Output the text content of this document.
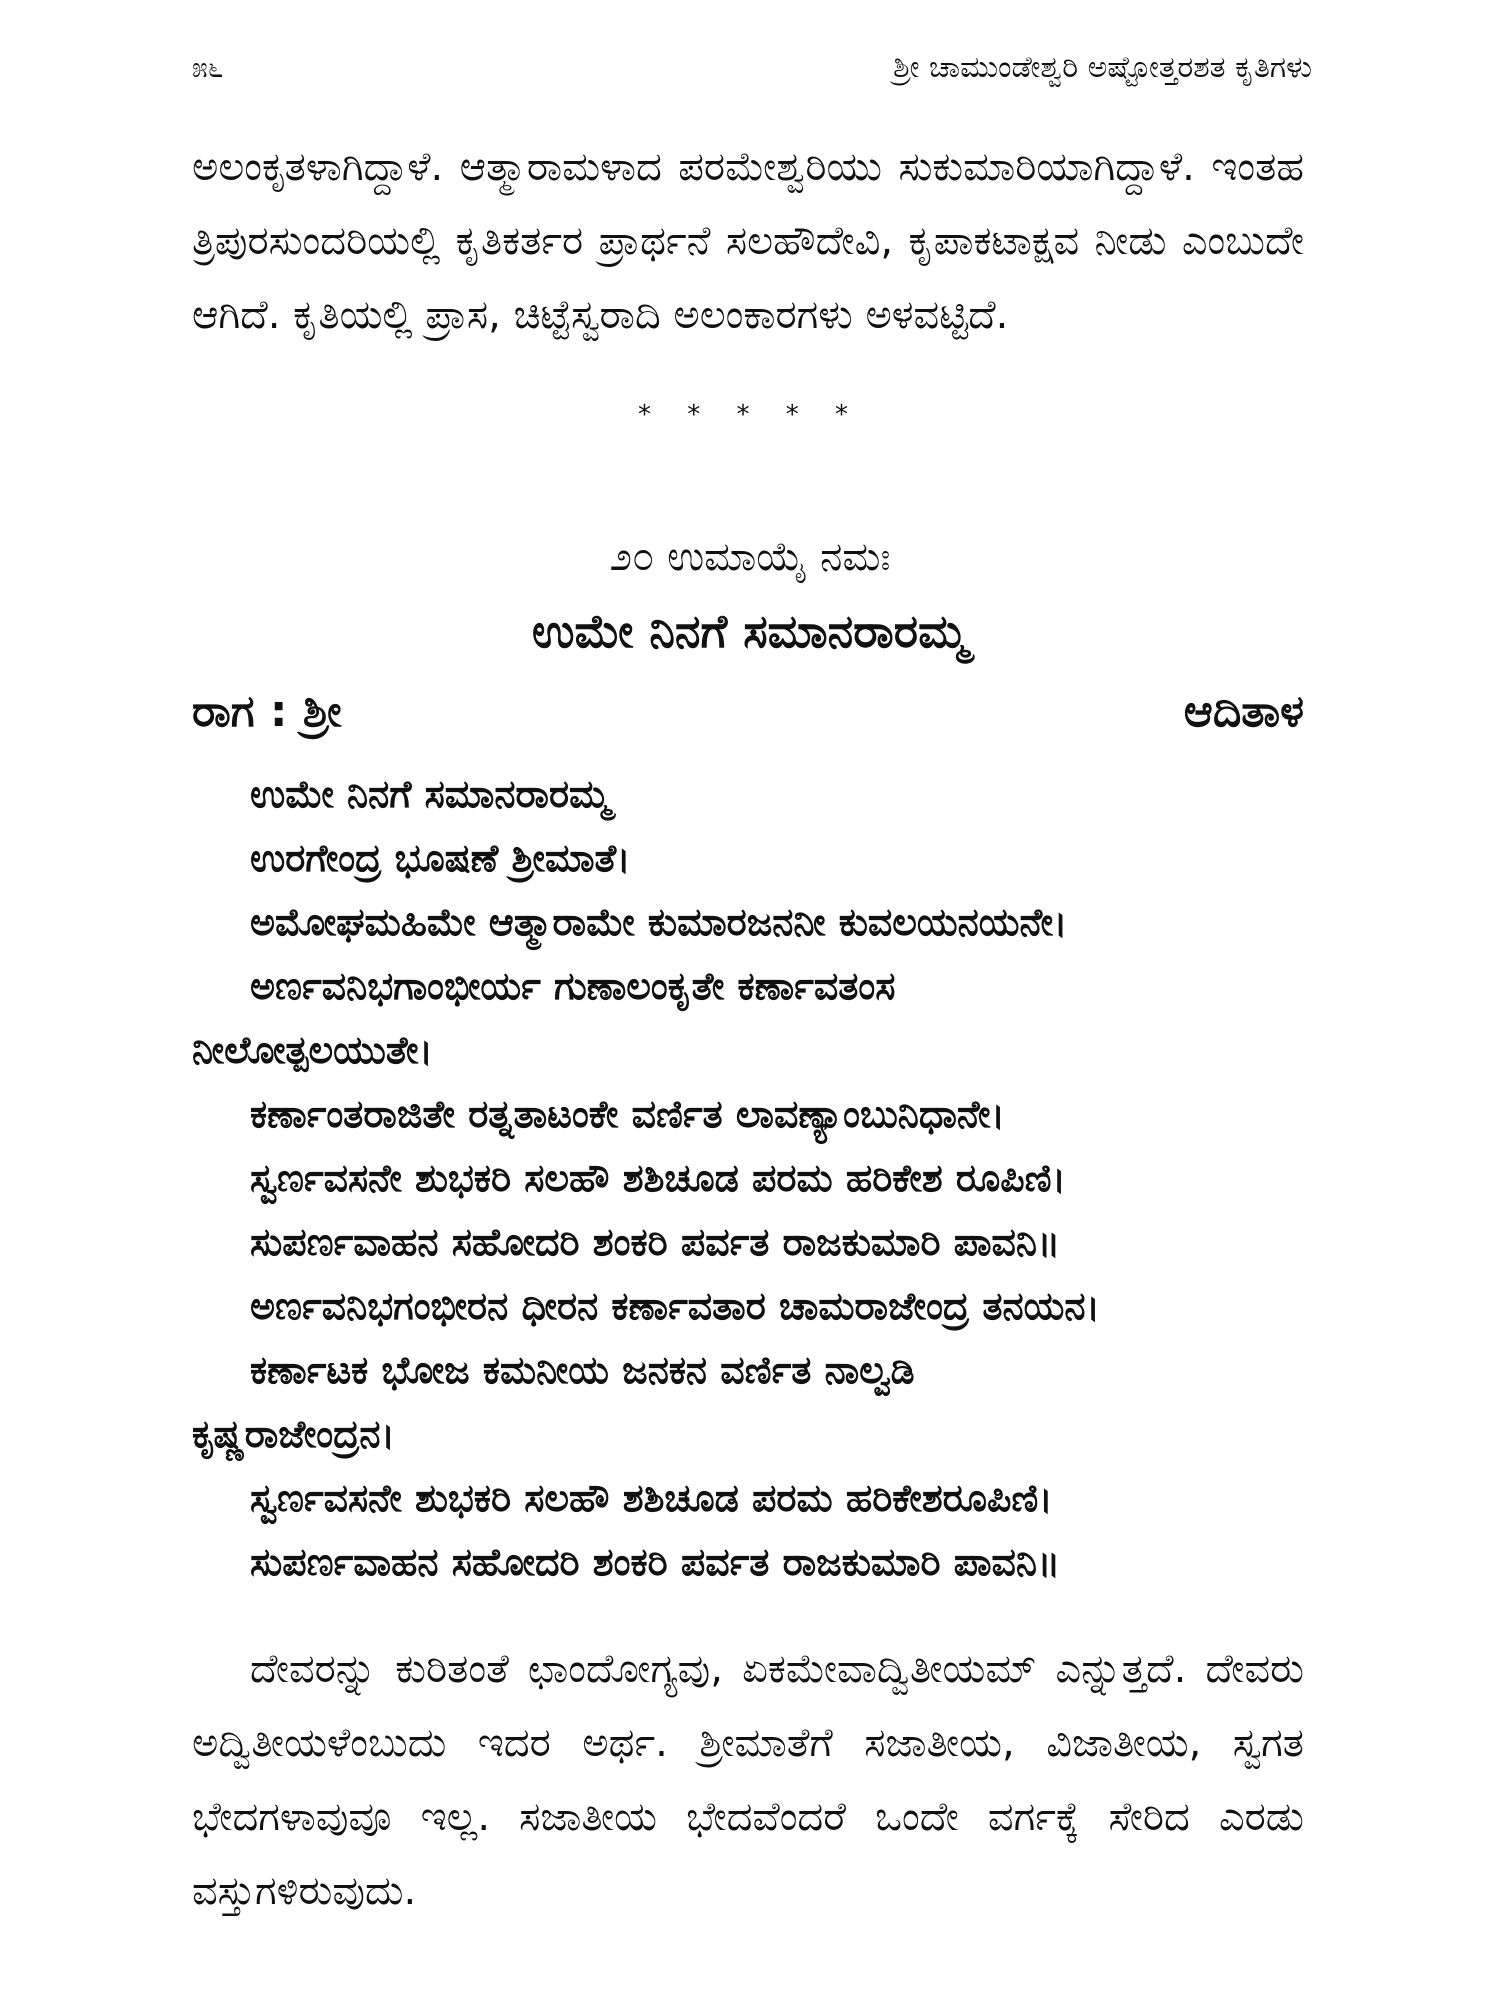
೫೬	ಶ್ರೀ ಚಾಮುಂಡೇಶ್ವರಿ ಅಷ್ಟೋತ್ತರಶತ ಕೃತಿಗಳು

ಅಲಂಕೃತಳಾಗಿದ್ದಾಳೆ. ಆತ್ಮಾರಾಮಳಾದ ಪರಮೇಶ್ವರಿಯು ಸುಕುಮಾರಿಯಾಗಿದ್ದಾಳೆ. ಇಂತಹ ತ್ರಿಪುರಸುಂದರಿಯಲ್ಲಿ ಕೃತಿಕರ್ತರ ಪ್ರಾರ್ಥನೆ ಸಲಹೌದೇವಿ, ಕೃಪಾಕಟಾಕ್ಷವ ನೀಡು ಎಂಬುದೇ ಆಗಿದೆ. ಕೃತಿಯಲ್ಲಿ ಪ್ರಾಸ, ಚಿಟ್ಟೆಸ್ವರಾದಿ ಅಲಂಕಾರಗಳು ಅಳವಟ್ಟಿದೆ.

* * * * *
೨೦ ಉಮಾಯೈ ನಮಃ
ಉಮೇ ನಿನಗೆ ಸಮಾನರಾರಮ್ಮ
ರಾಗ : ಶ್ರೀ	ಆದಿತಾಳ
ಉಮೇ ನಿನಗೆ ಸಮಾನರಾರಮ್ಮ
ಉರಗೇಂದ್ರ ಭೂಷಣೆ ಶ್ರೀಮಾತೆ।
ಅಮೋಘಮಹಿಮೇ ಆತ್ಮಾರಾಮೇ ಕುಮಾರಜನನೀ ಕುವಲಯನಯನೇ।
ಅರ್ಣವನಿಭಗಾಂಭೀರ್ಯ ಗುಣಾಲಂಕೃತೇ ಕರ್ಣಾವತಂಸ
ನೀಲೋತ್ಪಲಯುತೇ।
ಕರ್ಣಾಂತರಾಜಿತೇ ರತ್ನತಾಟಂಕೇ ವರ್ಣಿತ ಲಾವಣ್ಯಾಂಬುನಿಧಾನೇ।
ಸ್ವರ್ಣವಸನೇ ಶುಭಕರಿ ಸಲಹೌ ಶಶಿಚೂಡ ಪರಮ ಹರಿಕೇಶ ರೂಪಿಣಿ।
ಸುಪರ್ಣವಾಹನ ಸಹೋದರಿ ಶಂಕರಿ ಪರ್ವತ ರಾಜಕುಮಾರಿ ಪಾವನಿ॥
ಅರ್ಣವನಿಭಗಂಭೀರನ ಧೀರನ ಕರ್ಣಾವತಾರ ಚಾಮರಾಜೇಂದ್ರ ತನಯನ।
ಕರ್ಣಾಟಕ ಭೋಜ ಕಮನೀಯ ಜನಕನ ವರ್ಣಿತ ನಾಲ್ವಡಿ
ಕೃಷ್ಣರಾಜೇಂದ್ರನ।
ಸ್ವರ್ಣವಸನೇ ಶುಭಕರಿ ಸಲಹೌ ಶಶಿಚೂಡ ಪರಮ ಹರಿಕೇಶರೂಪಿಣಿ।
ಸುಪರ್ಣವಾಹನ ಸಹೋದರಿ ಶಂಕರಿ ಪರ್ವತ ರಾಜಕುಮಾರಿ ಪಾವನಿ॥

ದೇವರನ್ನು ಕುರಿತಂತೆ ಛಾಂದೋಗ್ಯವು, ಏಕಮೇವಾದ್ವಿತೀಯಮ್ ಎನ್ನುತ್ತದೆ. ದೇವರು ಅದ್ವಿತೀಯಳೆಂಬುದು ಇದರ ಅರ್ಥ. ಶ್ರೀಮಾತೆಗೆ ಸಜಾತೀಯ, ವಿಜಾತೀಯ, ಸ್ವಗತ ಭೇದಗಳಾವುವೂ ಇಲ್ಲ. ಸಜಾತೀಯ ಭೇದವೆಂದರೆ ಒಂದೇ ವರ್ಗಕ್ಕೆ ಸೇರಿದ ಎರಡು ವಸ್ತುಗಳಿರುವುದು.
